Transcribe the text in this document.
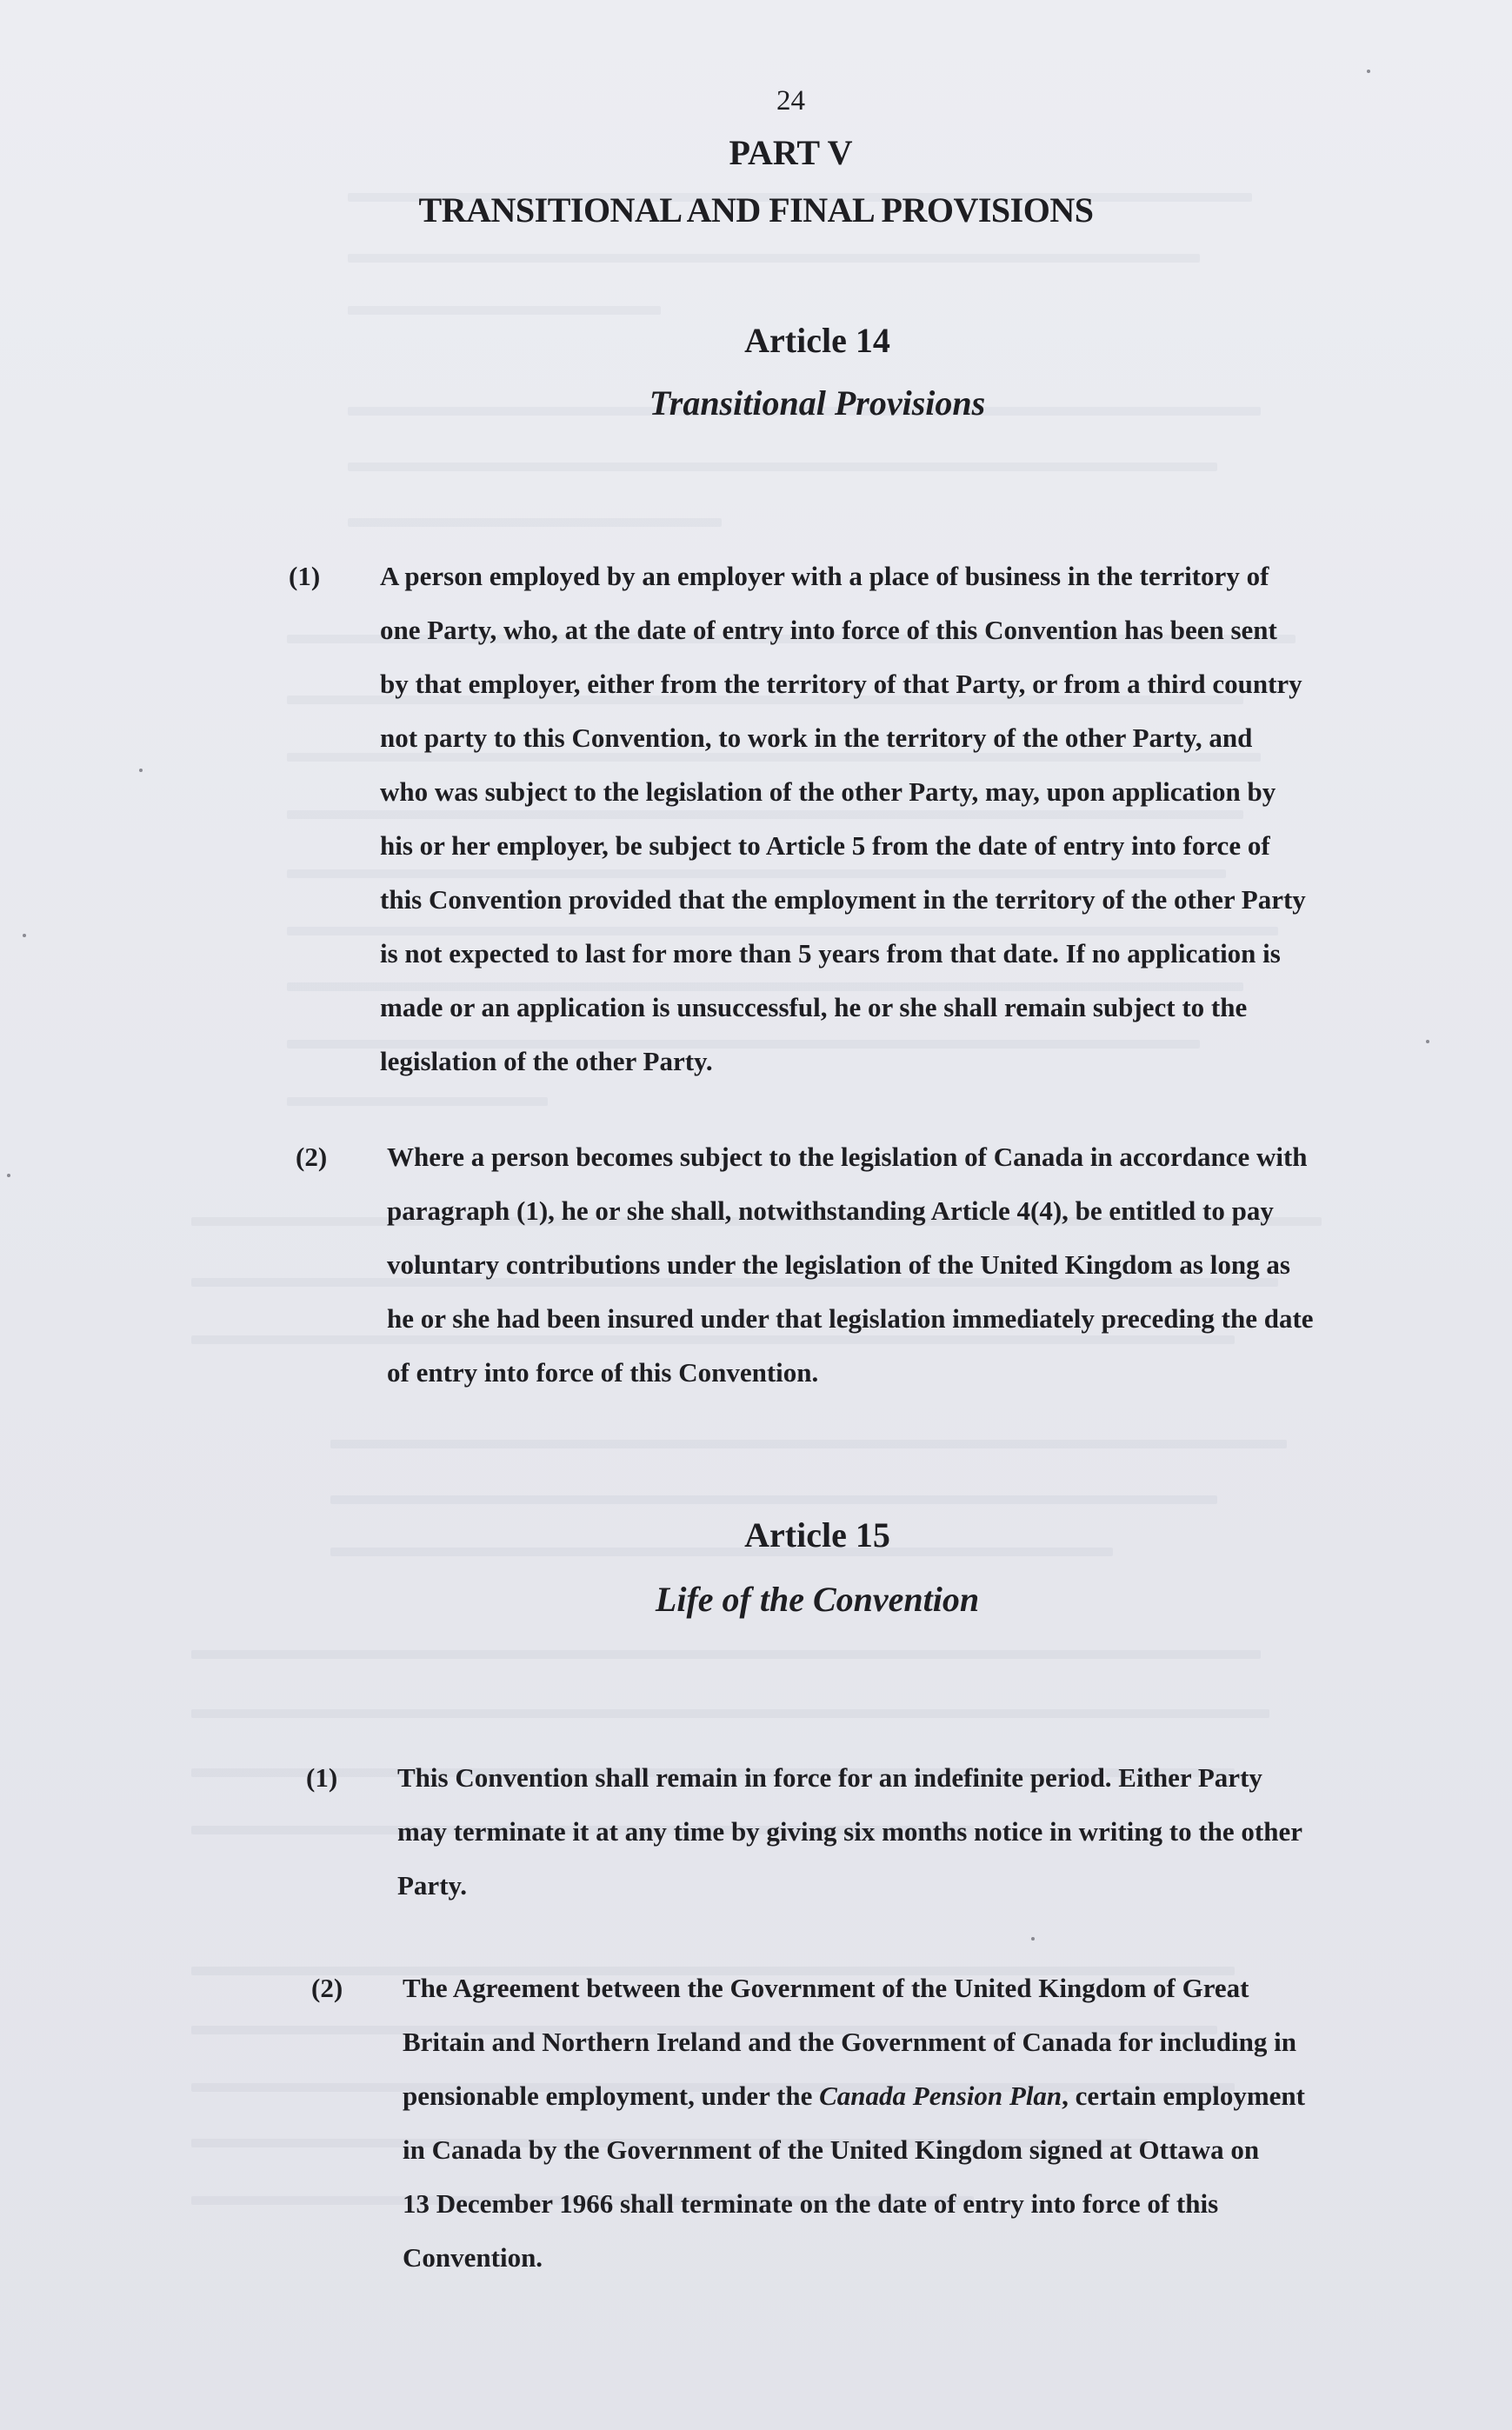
24
PART V
TRANSITIONAL AND FINAL PROVISIONS
Article 14
Transitional Provisions
(1) A person employed by an employer with a place of business in the territory of
one Party, who, at the date of entry into force of this Convention has been sent
by that employer, either from the territory of that Party, or from a third country
not party to this Convention, to work in the territory of the other Party, and
who was subject to the legislation of the other Party, may, upon application by
his or her employer, be subject to Article 5 from the date of entry into force of
this Convention provided that the employment in the territory of the other Party
is not expected to last for more than 5 years from that date. If no application is
made or an application is unsuccessful, he or she shall remain subject to the
legislation of the other Party.
(2) Where a person becomes subject to the legislation of Canada in accordance with
paragraph (1), he or she shall, notwithstanding Article 4(4), be entitled to pay
voluntary contributions under the legislation of the United Kingdom as long as
he or she had been insured under that legislation immediately preceding the date
of entry into force of this Convention.
Article 15
Life of the Convention
(1) This Convention shall remain in force for an indefinite period. Either Party
may terminate it at any time by giving six months notice in writing to the other
Party.
(2) The Agreement between the Government of the United Kingdom of Great
Britain and Northern Ireland and the Government of Canada for including in
pensionable employment, under the Canada Pension Plan, certain employment
in Canada by the Government of the United Kingdom signed at Ottawa on
13 December 1966 shall terminate on the date of entry into force of this
Convention.
